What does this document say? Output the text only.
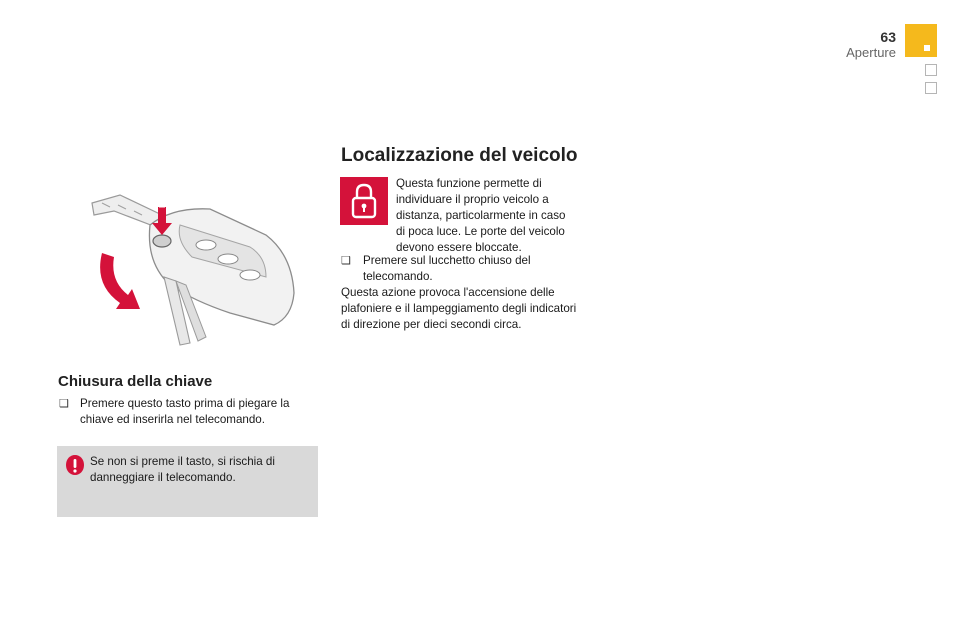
63
Aperture
Chiusura della chiave
❑ Premere questo tasto prima di piegare la
chiave ed inserirla nel telecomando.
Se non si preme il tasto, si rischia di
danneggiare il telecomando.
Localizzazione del veicolo
Questa funzione permette di
individuare il proprio veicolo a
distanza, particolarmente in caso
di poca luce. Le porte del veicolo
devono essere bloccate.
❑ Premere sul lucchetto chiuso del
telecomando.
Questa azione provoca l'accensione delle
plafoniere e il lampeggiamento degli indicatori
di direzione per dieci secondi circa.
